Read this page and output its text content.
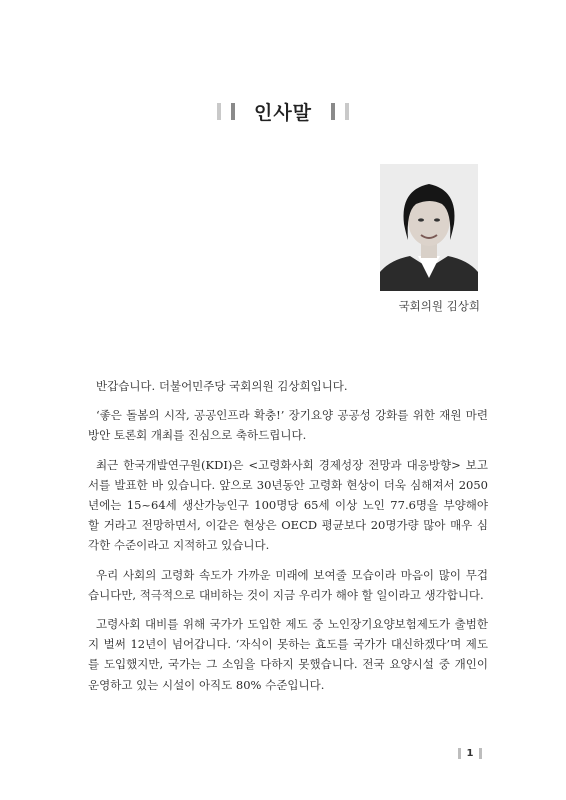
인사말
국회의원 김상희

반갑습니다. 더불어민주당 국회의원 김상희입니다.

‘좋은 돌봄의 시작, 공공인프라 확충!’ 장기요양 공공성 강화를 위한 재원 마련 방안 토론회 개최를 진심으로 축하드립니다.

최근 한국개발연구원(KDI)은 <고령화사회 경제성장 전망과 대응방향> 보고서를 발표한 바 있습니다. 앞으로 30년동안 고령화 현상이 더욱 심해져서 2050년에는 15~64세 생산가능인구 100명당 65세 이상 노인 77.6명을 부양해야 할 거라고 전망하면서, 이같은 현상은 OECD 평균보다 20명가량 많아 매우 심각한 수준이라고 지적하고 있습니다.

우리 사회의 고령화 속도가 가까운 미래에 보여줄 모습이라 마음이 많이 무겁습니다만, 적극적으로 대비하는 것이 지금 우리가 해야 할 일이라고 생각합니다.

고령사회 대비를 위해 국가가 도입한 제도 중 노인장기요양보험제도가 출범한 지 벌써 12년이 넘어갑니다. ‘자식이 못하는 효도를 국가가 대신하겠다’며 제도를 도입했지만, 국가는 그 소임을 다하지 못했습니다. 전국 요양시설 중 개인이 운영하고 있는 시설이 아직도 80% 수준입니다.

1
